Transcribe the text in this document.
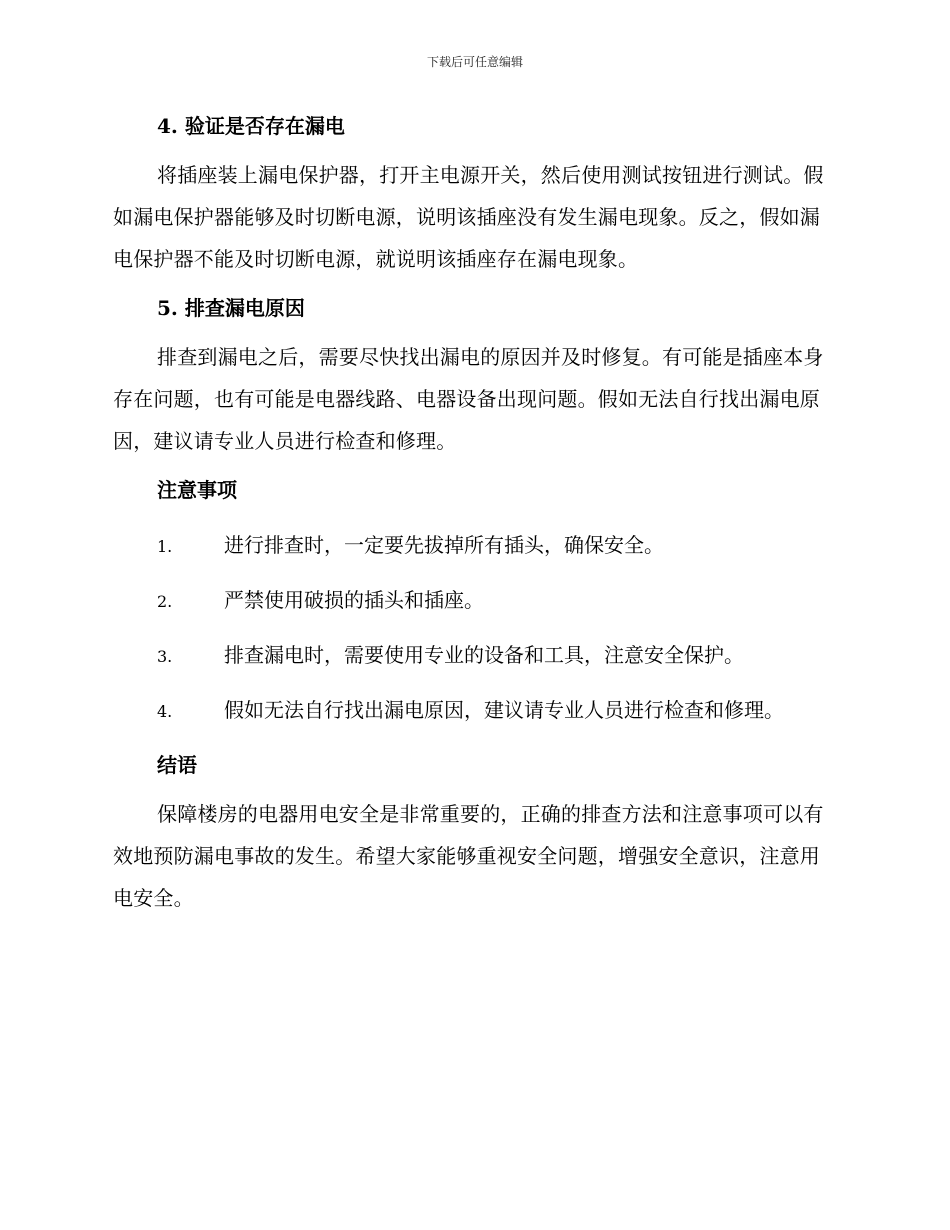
下载后可任意编辑
4. 验证是否存在漏电

将插座装上漏电保护器，打开主电源开关，然后使用测试按钮进行测试。假如漏电保护器能够及时切断电源，说明该插座没有发生漏电现象。反之，假如漏电保护器不能及时切断电源，就说明该插座存在漏电现象。

5. 排查漏电原因

排查到漏电之后，需要尽快找出漏电的原因并及时修复。有可能是插座本身存在问题，也有可能是电器线路、电器设备出现问题。假如无法自行找出漏电原因，建议请专业人员进行检查和修理。

注意事项
1.	进行排查时，一定要先拔掉所有插头，确保安全。
2.	严禁使用破损的插头和插座。
3.	排查漏电时，需要使用专业的设备和工具，注意安全保护。
4.	假如无法自行找出漏电原因，建议请专业人员进行检查和修理。
结语

保障楼房的电器用电安全是非常重要的，正确的排查方法和注意事项可以有效地预防漏电事故的发生。希望大家能够重视安全问题，增强安全意识，注意用电安全。
